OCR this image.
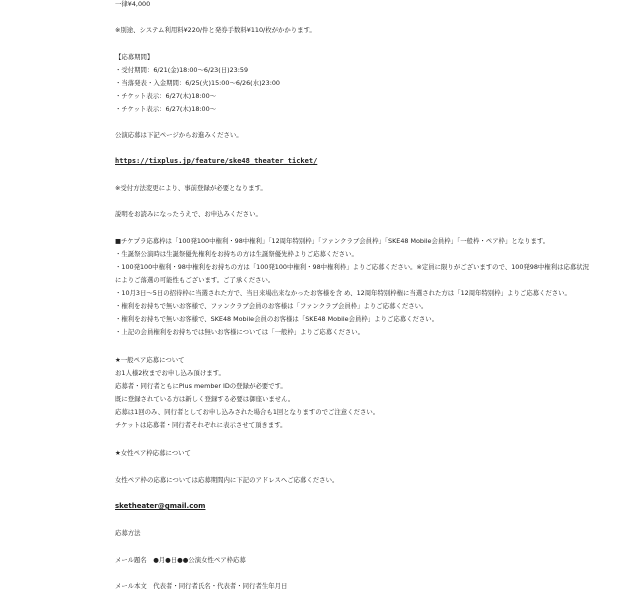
一律¥4,000
※別途、システム利用料¥220/件と発券手数料¥110/枚がかかります。
【応募期間】
・受付期間：6/21(金)18:00～6/23(日)23:59
・当落発表・入金期間：6/25(火)15:00～6/26(水)23:00
・チケット表示：6/27(木)18:00～
・チケット表示：6/27(木)18:00～
公演応募は下記ページからお進みください。
https://tixplus.jp/feature/ske48_theater_ticket/
※受付方法変更により、事前登録が必要となります。
説明をお読みになったうえで、お申込みください。
■チケプラ応募枠は「100発100中権利・98中権利」「12周年特別枠」「ファンクラブ会員枠」「SKE48 Mobile会員枠」「一般枠・ペア枠」となります。
・生誕祭公演時は生誕祭優先権利をお持ちの方は生誕祭優先枠よりご応募ください。
・100発100中権利・98中権利をお持ちの方は「100発100中権利・98中権利枠」よりご応募ください。※定員に限りがございますので、100発98中権利は応募状況
によりご落選の可能性もございます。ご了承ください。
・10月3日～5日の招待枠に当選された方で、当日来場出来なかったお客様を含 め、12周年特別枠権に当選された方は「12周年特別枠」よりご応募ください。
・権利をお持ちで無いお客様で、ファンクラブ会員のお客様は「ファンクラブ会員枠」よりご応募ください。
・権利をお持ちで無いお客様で、SKE48 Mobile会員のお客様は「SKE48 Mobile会員枠」よりご応募ください。
・上記の会員権利をお持ちでは無いお客様については「一般枠」よりご応募ください。
★一般ペア応募について
お1人様2枚までお申し込み頂けます。
応募者・同行者ともにPlus member IDの登録が必要です。
既に登録されている方は新しく登録する必要は御座いません。
応募は1回のみ、同行者としてお申し込みされた場合も1回となりますのでご注意ください。
チケットは応募者・同行者それぞれに表示させて頂きます。
★女性ペア枠応募について
女性ペア枠の応募については応募期間内に下記のアドレスへご応募ください。
sketheater@gmail.com
応募方法
メール題名　●月●日●●公演女性ペア枠応募
メール本文　代表者・同行者氏名・代表者・同行者生年月日
